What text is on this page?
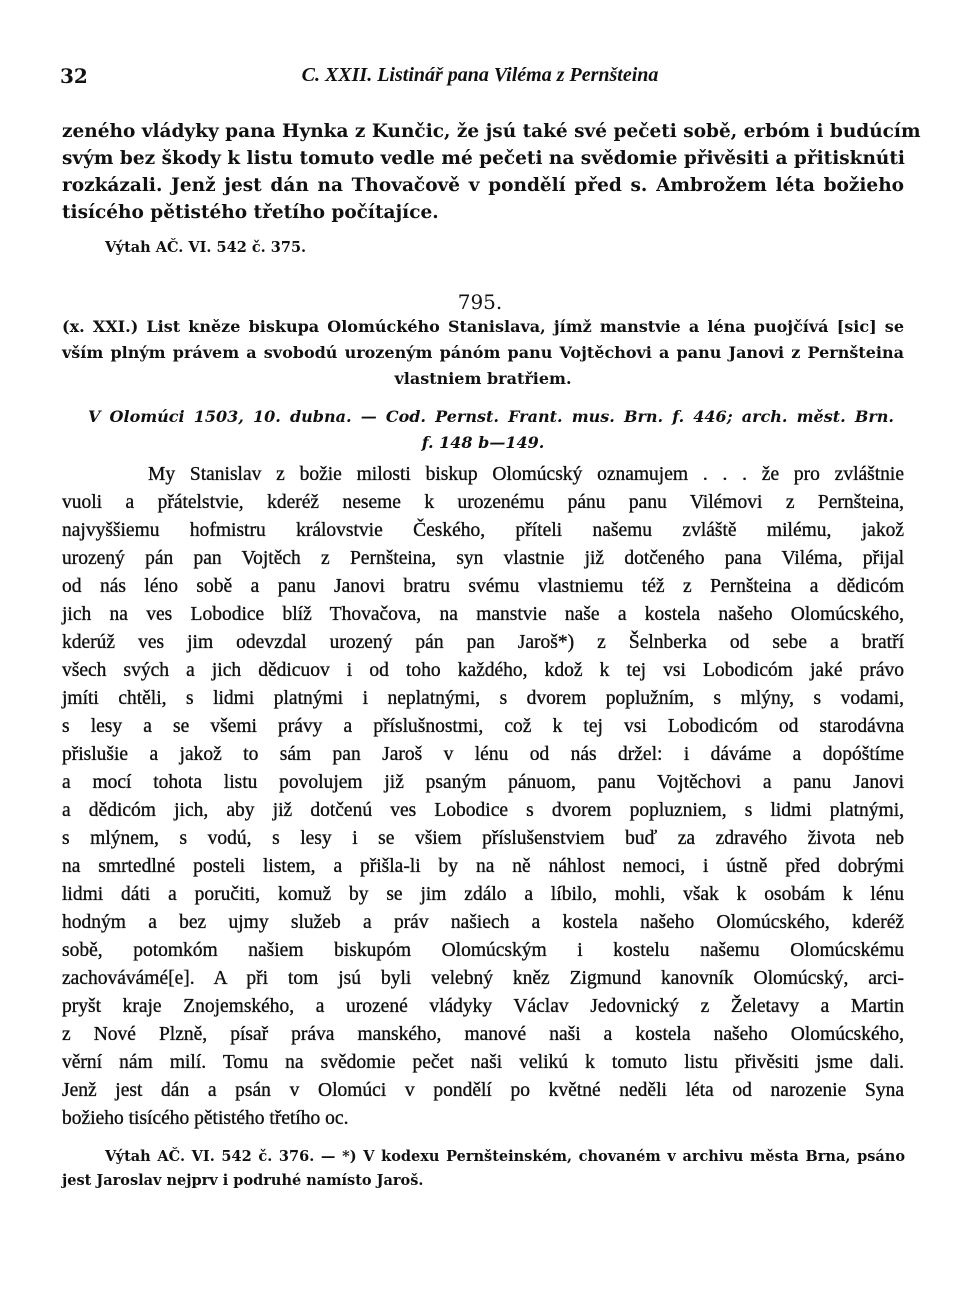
32	C. XXII. Listinář pana Viléma z Pernšteina
zeného vládyky pana Hynka z Kunčic, že jsú také své pečeti sobě, erbóm i budúcím
svým bez škody k listu tomuto vedle mé pečeti na svědomie přivěsiti a přitisknúti
rozkázali. Jenž jest dán na Thovačově v pondělí před s. Ambrožem léta božieho
tisícého pětistého třetího počítajíce.
Výtah AČ. VI. 542 č. 375.
795.
(x. XXI.) List kněze biskupa Olomúckého Stanislava, jímž manstvie a léna puojčívá [sic] se
vším plným právem a svobodú urozeným pánóm panu Vojtěchovi a panu Janovi z Pernšteina
vlastniem bratřiem.
V Olomúci 1503, 10. dubna. — Cod. Pernst. Frant. mus. Brn. f. 446; arch. měst. Brn.
f. 148 b—149.
My Stanislav z božie milosti biskup Olomúcský oznamujem . . . že pro zvláštnie
vuoli a přátelstvie, kderéž neseme k urozenému pánu panu Vilémovi z Pernšteina,
najvyššiemu hofmistru královstvie Českého, příteli našemu zvláště milému, jakož
urozený pán pan Vojtěch z Pernšteina, syn vlastnie již dotčeného pana Viléma, přijal
od nás léno sobě a panu Janovi bratru svému vlastniemu též z Pernšteina a dědicóm
jich na ves Lobodice blíž Thovačova, na manstvie naše a kostela našeho Olomúcského,
kderúž ves jim odevzdal urozený pán pan Jaroš*) z Šelnberka od sebe a bratří
všech svých a jich dědicuov i od toho každého, kdož k tej vsi Lobodicóm jaké právo
jmíti chtěli, s lidmi platnými i neplatnými, s dvorem poplužním, s mlýny, s vodami,
s lesy a se všemi právy a příslušnostmi, což k tej vsi Lobodicóm od starodávna
přislušie a jakož to sám pan Jaroš v lénu od nás držel: i dáváme a dopóštíme
a mocí tohota listu povolujem již psaným pánuom, panu Vojtěchovi a panu Janovi
a dědicóm jich, aby již dotčenú ves Lobodice s dvorem popluzniem, s lidmi platnými,
s mlýnem, s vodú, s lesy i se všiem příslušenstviem buď za zdravého života neb
na smrtedlné posteli listem, a přišla-li by na ně náhlost nemoci, i ústně před dobrými
lidmi dáti a poručiti, komuž by se jim zdálo a líbilo, mohli, však k osobám k lénu
hodným a bez ujmy služeb a práv našiech a kostela našeho Olomúcského, kderéž
sobě, potomkóm našiem biskupóm Olomúcským i kostelu našemu Olomúcskému
zachovávámé[e]. A při tom jsú byli velebný kněz Zigmund kanovník Olomúcský, arci-
pryšt kraje Znojemského, a urozené vládyky Václav Jedovnický z Želetavy a Martin
z Nové Plzně, písař práva manského, manové naši a kostela našeho Olomúcského,
věrní nám milí. Tomu na svědomie pečet naši velikú k tomuto listu přivěsiti jsme dali.
Jenž jest dán a psán v Olomúci v pondělí po květné neděli léta od narozenie Syna
božieho tisícého pětistého třetího oc.
Výtah AČ. VI. 542 č. 376. — *) V kodexu Pernšteinském, chovaném v archivu města Brna, psáno
jest Jaroslav nejprv i podruhé namísto Jaroš.
